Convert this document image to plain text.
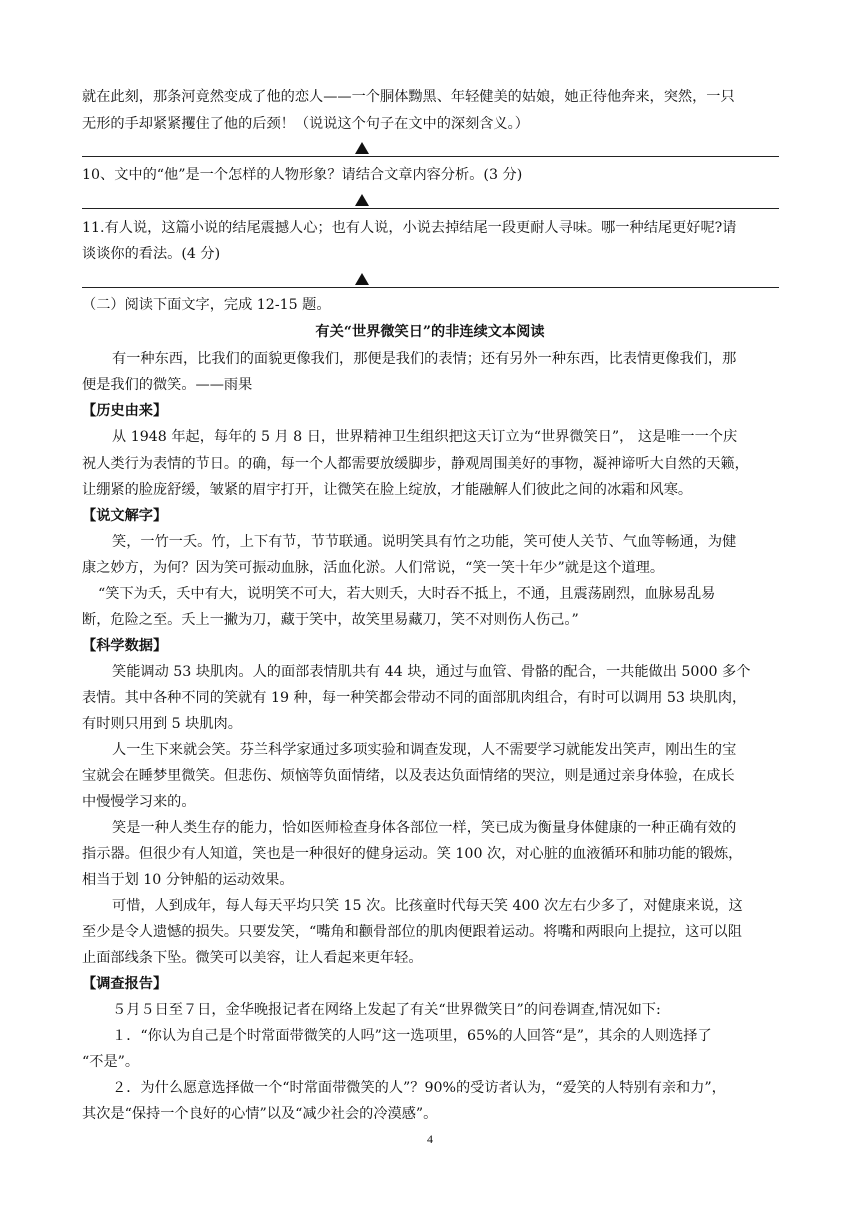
就在此刻，那条河竟然变成了他的恋人——一个胴体黝黑、年轻健美的姑娘，她正待他奔来，突然，一只
无形的手却紧紧攫住了他的后颈！（说说这个句子在文中的深刻含义。）
10、文中的“他”是一个怎样的人物形象？请结合文章内容分析。(3 分)
11.有人说，这篇小说的结尾震撼人心；也有人说，小说去掉结尾一段更耐人寻味。哪一种结尾更好呢?请
谈谈你的看法。(4 分)
（二）阅读下面文字，完成 12-15 题。
有关“世界微笑日”的非连续文本阅读
有一种东西，比我们的面貌更像我们，那便是我们的表情；还有另外一种东西，比表情更像我们，那
便是我们的微笑。——雨果
【历史由来】
从 1948 年起，每年的 5 月 8 日，世界精神卫生组织把这天订立为“世界微笑日”， 这是唯一一个庆
祝人类行为表情的节日。的确，每一个人都需要放缓脚步，静观周围美好的事物，凝神谛听大自然的天籁，
让绷紧的脸庞舒缓，皱紧的眉宇打开，让微笑在脸上绽放，才能融解人们彼此之间的冰霜和风寒。
【说文解字】
笑，一竹一夭。竹，上下有节，节节联通。说明笑具有竹之功能，笑可使人关节、气血等畅通，为健
康之妙方，为何？因为笑可振动血脉，活血化淤。人们常说，“笑一笑十年少”就是这个道理。
“笑下为夭，夭中有大，说明笑不可大，若大则夭，大时吞不抵上，不通，且震荡剧烈，血脉易乱易
断，危险之至。夭上一撇为刀，藏于笑中，故笑里易藏刀，笑不对则伤人伤己。”
【科学数据】
笑能调动 53 块肌肉。人的面部表情肌共有 44 块，通过与血管、骨骼的配合，一共能做出 5000 多个
表情。其中各种不同的笑就有 19 种，每一种笑都会带动不同的面部肌肉组合，有时可以调用 53 块肌肉，
有时则只用到 5 块肌肉。
人一生下来就会笑。芬兰科学家通过多项实验和调查发现，人不需要学习就能发出笑声，刚出生的宝
宝就会在睡梦里微笑。但悲伤、烦恼等负面情绪，以及表达负面情绪的哭泣，则是通过亲身体验，在成长
中慢慢学习来的。
笑是一种人类生存的能力，恰如医师检查身体各部位一样，笑已成为衡量身体健康的一种正确有效的
指示器。但很少有人知道，笑也是一种很好的健身运动。笑 100 次，对心脏的血液循环和肺功能的锻炼，
相当于划 10 分钟船的运动效果。
可惜，人到成年，每人每天平均只笑 15 次。比孩童时代每天笑 400 次左右少多了，对健康来说，这
至少是令人遗憾的损失。只要发笑，“嘴角和颧骨部位的肌肉便跟着运动。将嘴和两眼向上提拉，这可以阻
止面部线条下坠。微笑可以美容，让人看起来更年轻。
【调查报告】
５月５日至７日，金华晚报记者在网络上发起了有关“世界微笑日”的问卷调查,情况如下:
１．“你认为自己是个时常面带微笑的人吗”这一选项里，65%的人回答“是”，其余的人则选择了
“不是”。
２．为什么愿意选择做一个“时常面带微笑的人”？90%的受访者认为，“爱笑的人特别有亲和力”，
其次是“保持一个良好的心情”以及“减少社会的冷漠感”。
4
